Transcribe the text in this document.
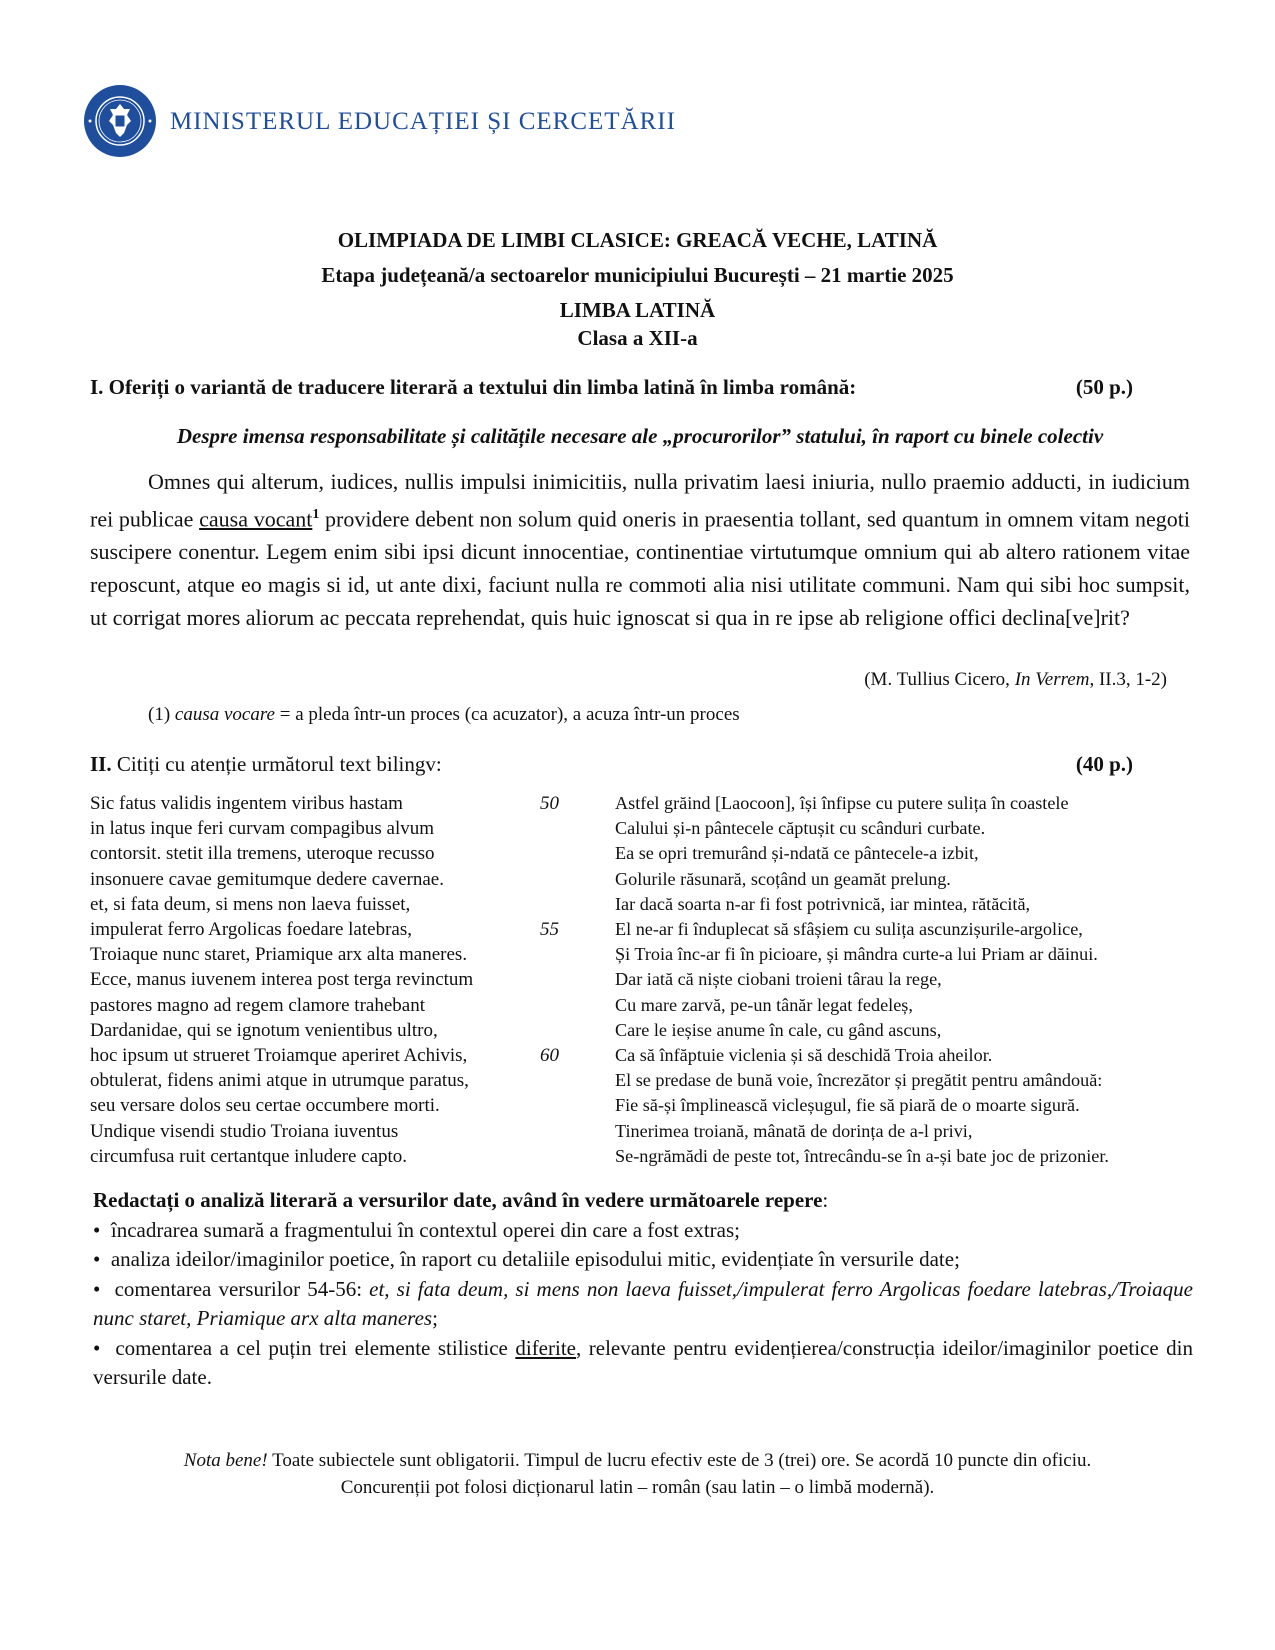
MINISTERUL EDUCAȚIEI ȘI CERCETĂRII
OLIMPIADA DE LIMBI CLASICE: GREACĂ VECHE, LATINĂ
Etapa județeană/a sectoarelor municipiului București – 21 martie 2025
LIMBA LATINĂ
Clasa a XII-a
I. Oferiți o variantă de traducere literară a textului din limba latină în limba română:	(50 p.)
Despre imensa responsabilitate și calitățile necesare ale „procurorilor” statului, în raport cu binele colectiv
Omnes qui alterum, iudices, nullis impulsi inimicitiis, nulla privatim laesi iniuria, nullo praemio adducti, in iudicium rei publicae causa vocant$^1$ providere debent non solum quid oneris in praesentia tollant, sed quantum in omnem vitam negoti suscipere conentur. Legem enim sibi ipsi dicunt innocentiae, continentiae virtutumque omnium qui ab altero rationem vitae reposcunt, atque eo magis si id, ut ante dixi, faciunt nulla re commoti alia nisi utilitate communi. Nam qui sibi hoc sumpsit, ut corrigat mores aliorum ac peccata reprehendat, quis huic ignoscat si qua in re ipse ab religione offici declina[ve]rit?
(M. Tullius Cicero, In Verrem, II.3, 1-2)
(1) causa vocare = a pleda într-un proces (ca acuzator), a acuza într-un proces
II. Citiți cu atenție următorul text bilingv:	(40 p.)
Sic fatus validis ingentem viribus hastam
in latus inque feri curvam compagibus alvum
contorsit. stetit illa tremens, uteroque recusso
insonuere cavae gemitumque dedere cavernae.
et, si fata deum, si mens non laeva fuisset,
impulerat ferro Argolicas foedare latebras,
Troiaque nunc staret, Priamique arx alta maneres.
Ecce, manus iuvenem interea post terga revinctum
pastores magno ad regem clamore trahebant
Dardanidae, qui se ignotum venientibus ultro,
hoc ipsum ut strueret Troiamque aperiret Achivis,
obtulerat, fidens animi atque in utrumque paratus,
seu versare dolos seu certae occumbere morti.
Undique visendi studio Troiana iuventus
circumfusa ruit certantque inludere capto.
50

55

60

Astfel grăind [Laocoon], își înfipse cu putere sulița în coastele
Calului și-n pântecele căptușit cu scânduri curbate.
Ea se opri tremurând și-ndată ce pântecele-a izbit,
Golurile răsunară, scoțând un geamăt prelung.
Iar dacă soarta n-ar fi fost potrivnică, iar mintea, rătăcită,
El ne-ar fi înduplecat să sfâșiem cu sulița ascunzișurile-argolice,
Și Troia înc-ar fi în picioare, și mândra curte-a lui Priam ar dăinui.
Dar iată că niște ciobani troieni târau la rege,
Cu mare zarvă, pe-un tânăr legat fedeleș,
Care le ieșise anume în cale, cu gând ascuns,
Ca să înfăptuie viclenia și să deschidă Troia aheilor.
El se predase de bună voie, încrezător și pregătit pentru amândouă:
Fie să-și împlinească vicleșugul, fie să piară de o moarte sigură.
Tinerimea troiană, mânată de dorința de a-l privi,
Se-ngrămădi de peste tot, întrecându-se în a-și bate joc de prizonier.
Redactați o analiză literară a versurilor date, având în vedere următoarele repere:
•  încadrarea sumară a fragmentului în contextul operei din care a fost extras;
•  analiza ideilor/imaginilor poetice, în raport cu detaliile episodului mitic, evidențiate în versurile date;
•  comentarea versurilor 54-56: et, si fata deum, si mens non laeva fuisset,/impulerat ferro Argolicas foedare latebras,/Troiaque nunc staret, Priamique arx alta maneres;
•  comentarea a cel puțin trei elemente stilistice diferite, relevante pentru evidențierea/construcția ideilor/imaginilor poetice din versurile date.
Nota bene! Toate subiectele sunt obligatorii. Timpul de lucru efectiv este de 3 (trei) ore. Se acordă 10 puncte din oficiu.
Concurenții pot folosi dicționarul latin – român (sau latin – o limbă modernă).
